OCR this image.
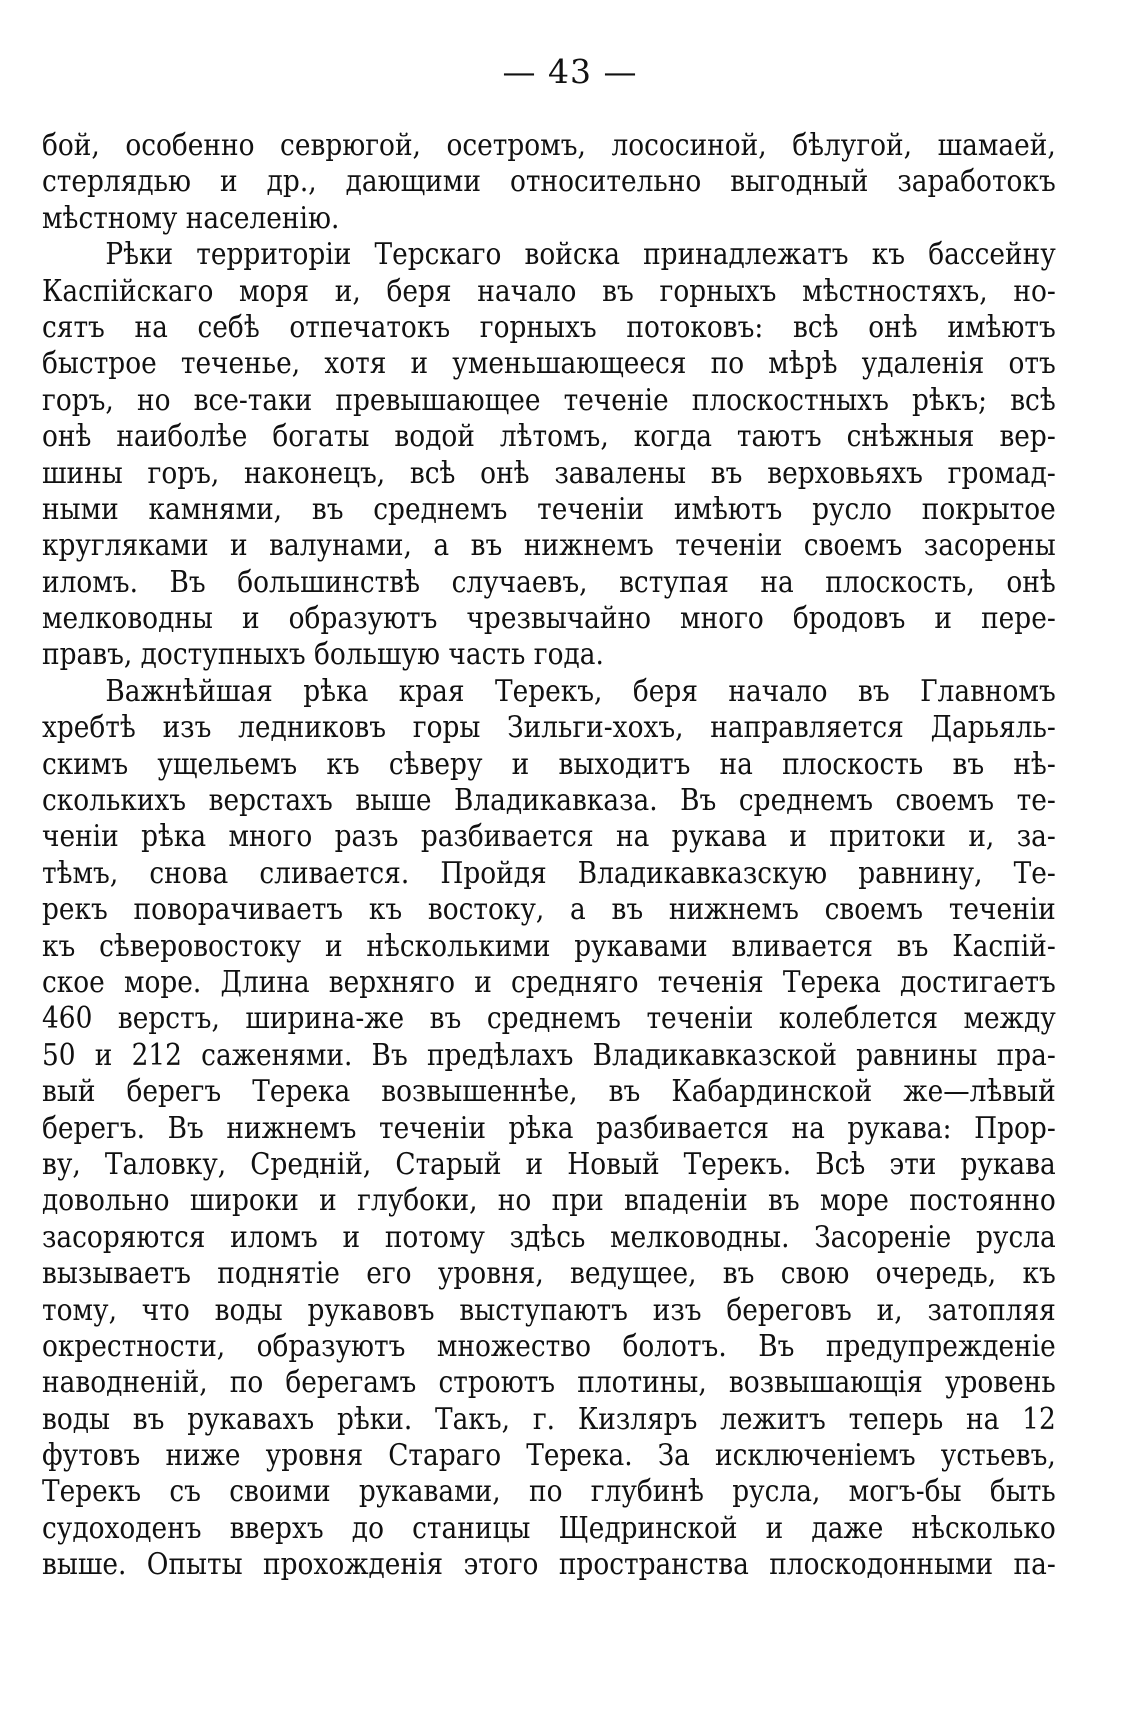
— 43 —
бой, особенно севрюгой, осетромъ, лососиной, бѣлугой, шамаей,
стерлядью и др., дающими относительно выгодный заработокъ
мѣстному населенiю.
Рѣки территорiи Терскаго войска принадлежатъ къ бассейну
Каспiйскаго моря и, беря начало въ горныхъ мѣстностяхъ, но-
сятъ на себѣ отпечатокъ горныхъ потоковъ: всѣ онѣ имѣютъ
быстрое теченье, хотя и уменьшающееся по мѣрѣ удаленiя отъ
горъ, но все-таки превышающее теченiе плоскостныхъ рѣкъ; всѣ
онѣ наиболѣе богаты водой лѣтомъ, когда таютъ снѣжныя вер-
шины горъ, наконецъ, всѣ онѣ завалены въ верховьяхъ громад-
ными камнями, въ среднемъ теченiи имѣютъ русло покрытое
кругляками и валунами, а въ нижнемъ теченiи своемъ засорены
иломъ. Въ большинствѣ случаевъ, вступая на плоскость, онѣ
мелководны и образуютъ чрезвычайно много бродовъ и пере-
правъ, доступныхъ большую часть года.
Важнѣйшая рѣка края Терекъ, беря начало въ Главномъ
хребтѣ изъ ледниковъ горы Зильги-хохъ, направляется Дарьяль-
скимъ ущельемъ къ сѣверу и выходитъ на плоскость въ нѣ-
сколькихъ верстахъ выше Владикавказа. Въ среднемъ своемъ те-
ченiи рѣка много разъ разбивается на рукава и притоки и, за-
тѣмъ, снова сливается. Пройдя Владикавказскую равнину, Те-
рекъ поворачиваетъ къ востоку, а въ нижнемъ своемъ теченiи
къ сѣверовостоку и нѣсколькими рукавами вливается въ Каспiй-
ское море. Длина верхняго и средняго теченiя Терека достигаетъ
460 верстъ, ширина-же въ среднемъ теченiи колеблется между
50 и 212 саженями. Въ предѣлахъ Владикавказской равнины пра-
вый берегъ Терека возвышеннѣе, въ Кабардинской же—лѣвый
берегъ. Въ нижнемъ теченiи рѣка разбивается на рукава: Прор-
ву, Таловку, Среднiй, Старый и Новый Терекъ. Всѣ эти рукава
довольно широки и глубоки, но при впаденiи въ море постоянно
засоряются иломъ и потому здѣсь мелководны. Засоренiе русла
вызываетъ поднятiе его уровня, ведущее, въ свою очередь, къ
тому, что воды рукавовъ выступаютъ изъ береговъ и, затопляя
окрестности, образуютъ множество болотъ. Въ предупрежденiе
наводненiй, по берегамъ строютъ плотины, возвышающiя уровень
воды въ рукавахъ рѣки. Такъ, г. Кизляръ лежитъ теперь на 12
футовъ ниже уровня Стараго Терека. За исключенiемъ устьевъ,
Терекъ съ своими рукавами, по глубинѣ русла, могъ-бы быть
судоходенъ вверхъ до станицы Щедринской и даже нѣсколько
выше. Опыты прохожденiя этого пространства плоскодонными па-
